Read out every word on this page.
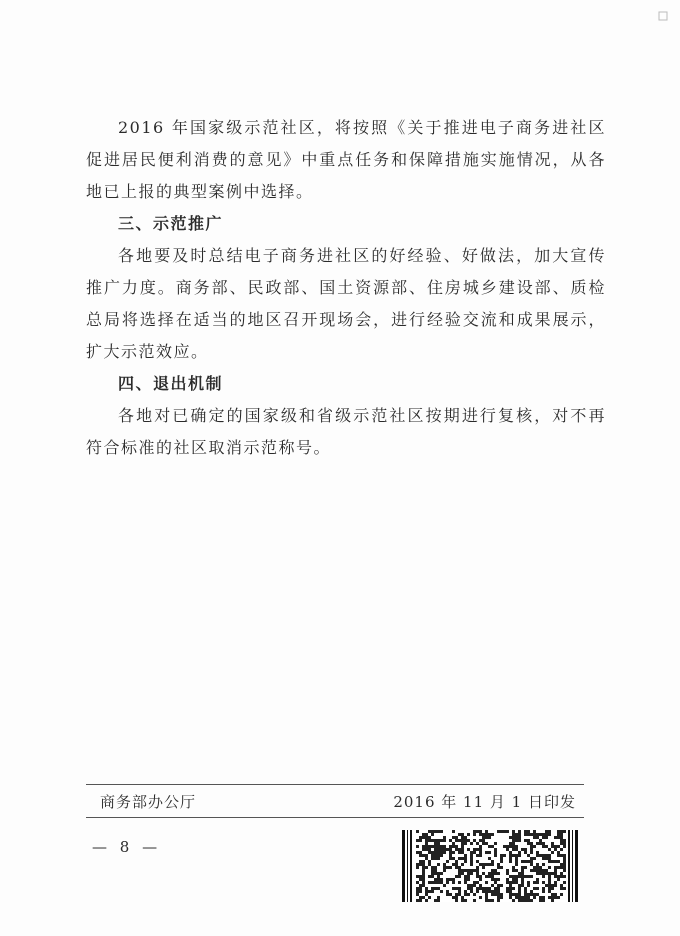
2016 年国家级示范社区，将按照《关于推进电子商务进社区促进居民便利消费的意见》中重点任务和保障措施实施情况，从各地已上报的典型案例中选择。

三、示范推广

各地要及时总结电子商务进社区的好经验、好做法，加大宣传推广力度。商务部、民政部、国土资源部、住房城乡建设部、质检总局将选择在适当的地区召开现场会，进行经验交流和成果展示，扩大示范效应。

四、退出机制

各地对已确定的国家级和省级示范社区按期进行复核，对不再符合标准的社区取消示范称号。

商务部办公厅	2016 年 11 月 1 日印发
— 8 —
